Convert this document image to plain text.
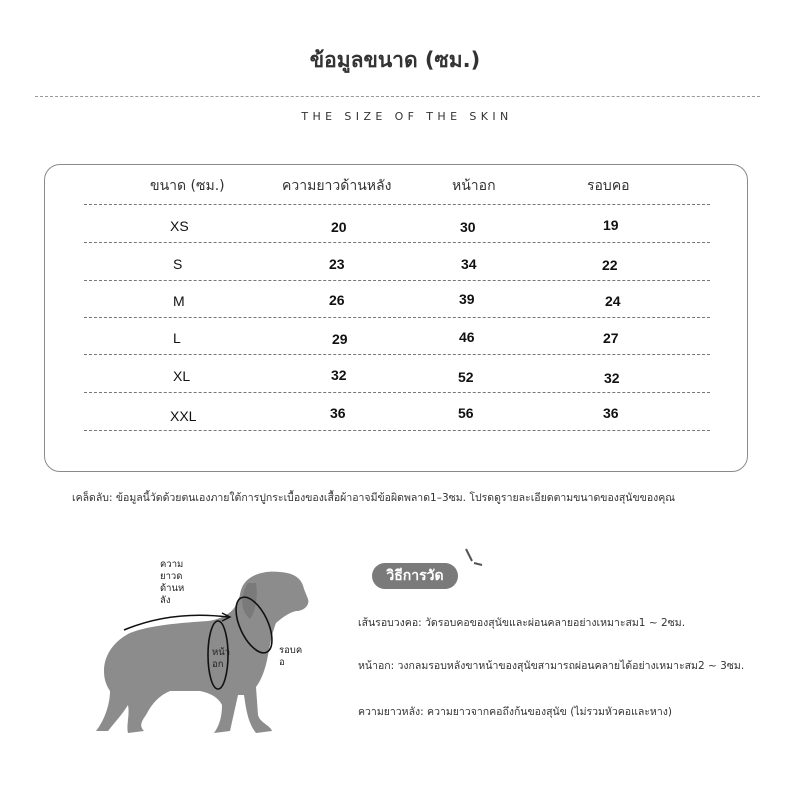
ข้อมูลขนาด (ซม.)
THE SIZE OF THE SKIN
ขนาด (ซม.)	ความยาวด้านหลัง	หน้าอก	รอบคอ
XS	20	30	19
S	23	34	22
M	26	39	24
L	29	46	27
XL	32	52	32
XXL	36	56	36
เคล็ดลับ: ข้อมูลนี้วัดด้วยตนเองภายใต้การปูกระเบื้องของเสื้อผ้าอาจมีข้อผิดพลาด1–3ซม. โปรดดูรายละเอียดตามขนาดของสุนัขของคุณ
ความ
ยาวด
ด้านห
ลัง
หน้า
อก
รอบค
อ
วิธีการวัด
เส้นรอบวงคอ: วัดรอบคอของสุนัขและผ่อนคลายอย่างเหมาะสม1 ~ 2ซม.
หน้าอก: วงกลมรอบหลังขาหน้าของสุนัขสามารถผ่อนคลายได้อย่างเหมาะสม2 ~ 3ซม.
ความยาวหลัง: ความยาวจากคอถึงก้นของสุนัข (ไม่รวมหัวคอและหาง)
